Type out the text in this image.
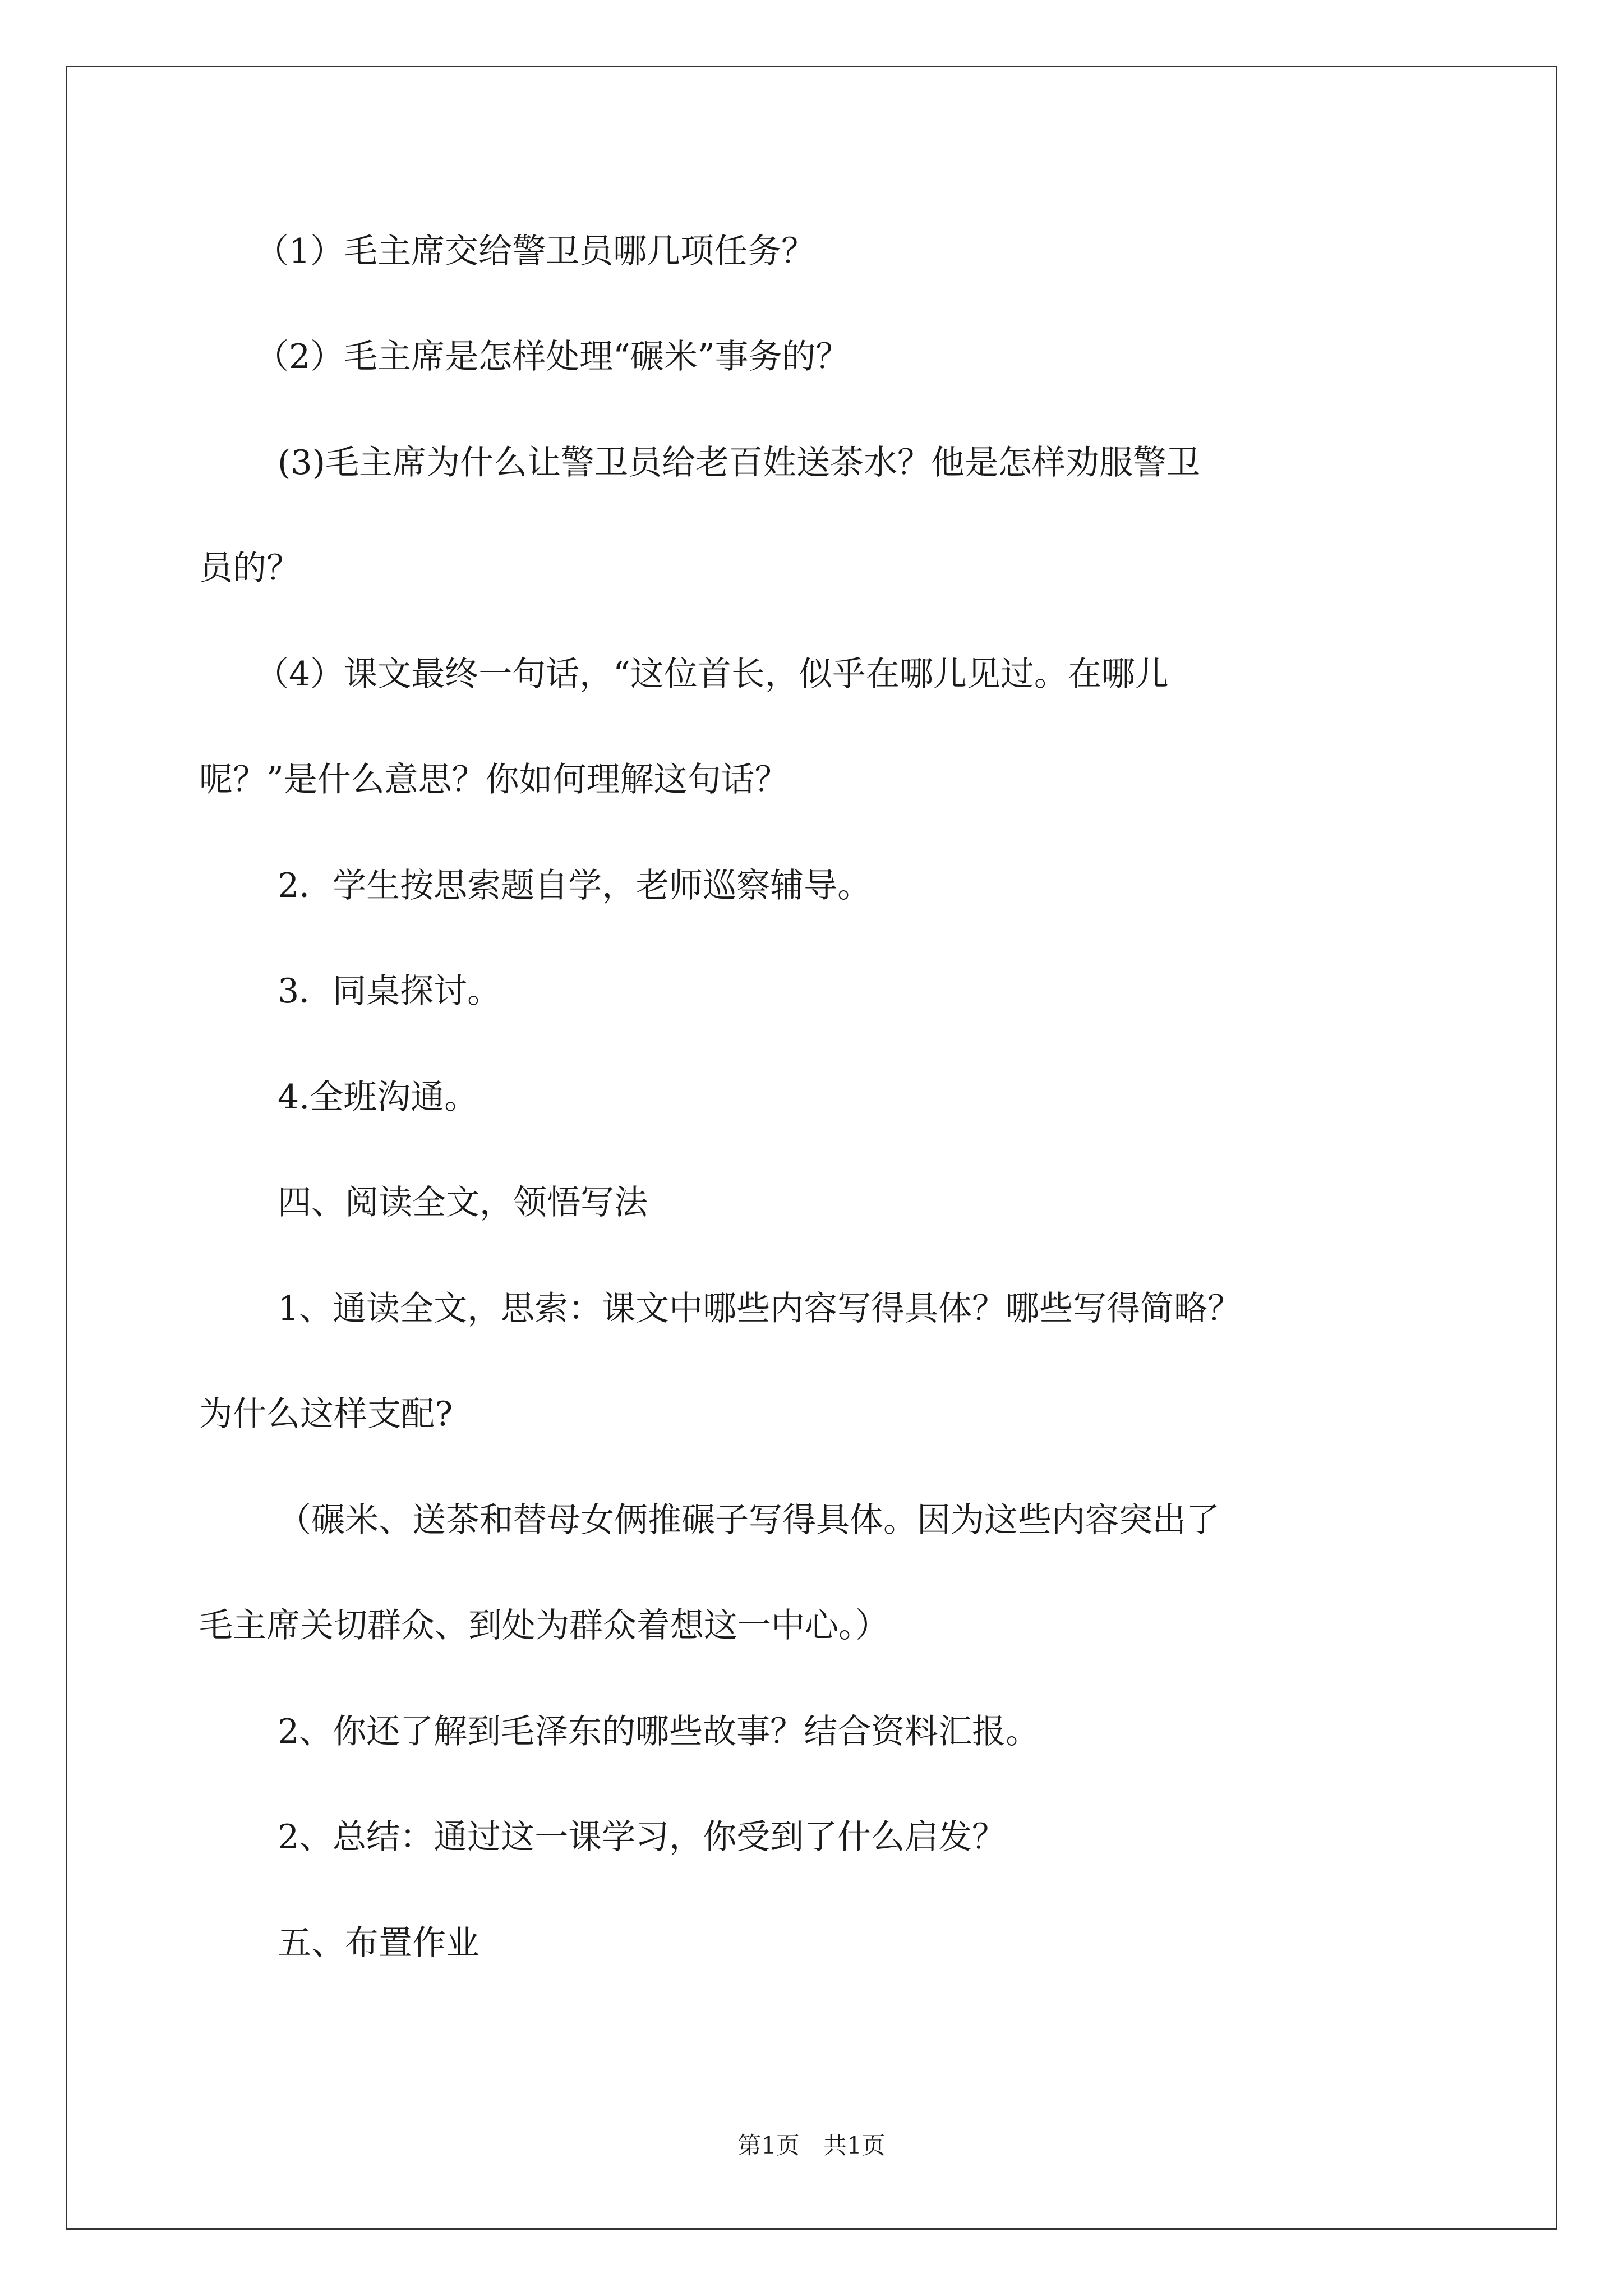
（1）毛主席交给警卫员哪几项任务？
（2）毛主席是怎样处理“碾米”事务的？
(3)毛主席为什么让警卫员给老百姓送茶水？他是怎样劝服警卫
员的？
（4）课文最终一句话，“这位首长，似乎在哪儿见过。在哪儿
呢？”是什么意思？你如何理解这句话？
2．学生按思索题自学，老师巡察辅导。
3．同桌探讨。
4.全班沟通。
四、阅读全文，领悟写法
1、通读全文，思索：课文中哪些内容写得具体？哪些写得简略？
为什么这样支配?
（碾米、送茶和替母女俩推碾子写得具体。因为这些内容突出了
毛主席关切群众、到处为群众着想这一中心。）
2、你还了解到毛泽东的哪些故事？结合资料汇报。
2、总结：通过这一课学习，你受到了什么启发？
五、布置作业
第1页　共1页
